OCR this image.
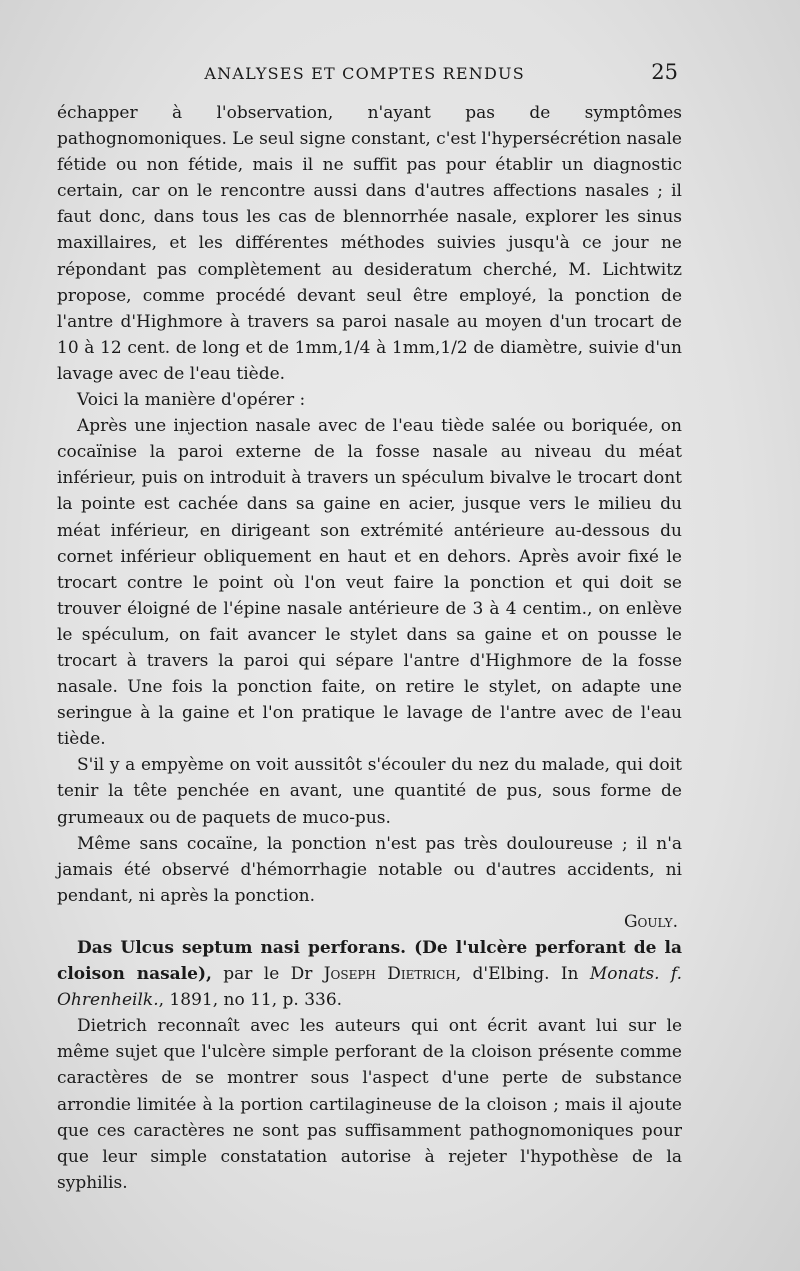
ANALYSES ET COMPTES RENDUS	25

échapper à l'observation, n'ayant pas de symptômes pathognomoniques. Le seul signe constant, c'est l'hypersécrétion nasale fétide ou non fétide, mais il ne suffit pas pour établir un diagnostic certain, car on le rencontre aussi dans d'autres affections nasales ; il faut donc, dans tous les cas de blennorrhée nasale, explorer les sinus maxillaires, et les différentes méthodes suivies jusqu'à ce jour ne répondant pas complètement au desideratum cherché, M. Lichtwitz propose, comme procédé devant seul être employé, la ponction de l'antre d'Highmore à travers sa paroi nasale au moyen d'un trocart de 10 à 12 cent. de long et de 1mm,1/4 à 1mm,1/2 de diamètre, suivie d'un lavage avec de l'eau tiède.

Voici la manière d'opérer :

Après une injection nasale avec de l'eau tiède salée ou boriquée, on cocaïnise la paroi externe de la fosse nasale au niveau du méat inférieur, puis on introduit à travers un spéculum bivalve le trocart dont la pointe est cachée dans sa gaine en acier, jusque vers le milieu du méat inférieur, en dirigeant son extrémité antérieure au-dessous du cornet inférieur obliquement en haut et en dehors. Après avoir fixé le trocart contre le point où l'on veut faire la ponction et qui doit se trouver éloigné de l'épine nasale antérieure de 3 à 4 centim., on enlève le spéculum, on fait avancer le stylet dans sa gaine et on pousse le trocart à travers la paroi qui sépare l'antre d'Highmore de la fosse nasale. Une fois la ponction faite, on retire le stylet, on adapte une seringue à la gaine et l'on pratique le lavage de l'antre avec de l'eau tiède.

S'il y a empyème on voit aussitôt s'écouler du nez du malade, qui doit tenir la tête penchée en avant, une quantité de pus, sous forme de grumeaux ou de paquets de muco-pus.

Même sans cocaïne, la ponction n'est pas très douloureuse ; il n'a jamais été observé d'hémorrhagie notable ou d'autres accidents, ni pendant, ni après la ponction.

Gouly.

Das Ulcus septum nasi perforans. (De l'ulcère perforant de la cloison nasale), par le Dr Joseph Dietrich, d'Elbing. In Monats. f. Ohrenheilk., 1891, no 11, p. 336.

Dietrich reconnaît avec les auteurs qui ont écrit avant lui sur le même sujet que l'ulcère simple perforant de la cloison présente comme caractères de se montrer sous l'aspect d'une perte de substance arrondie limitée à la portion cartilagineuse de la cloison ; mais il ajoute que ces caractères ne sont pas suffisamment pathognomoniques pour que leur simple constatation autorise à rejeter l'hypothèse de la syphilis.
